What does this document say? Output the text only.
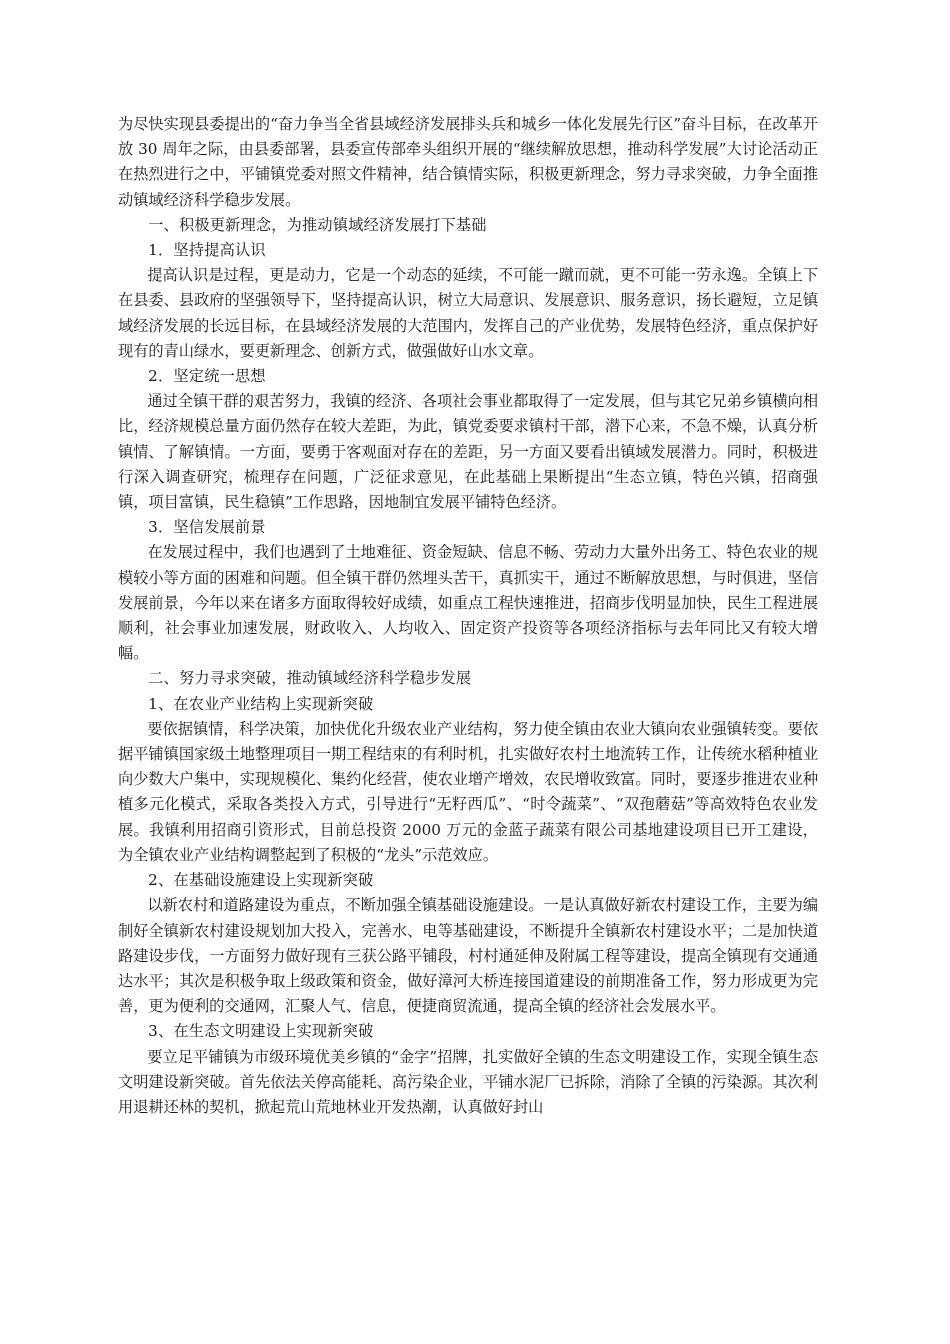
为尽快实现县委提出的“奋力争当全省县域经济发展排头兵和城乡一体化发展先行区”奋斗目标，在改革开放 30 周年之际，由县委部署，县委宣传部牵头组织开展的“继续解放思想，推动科学发展”大讨论活动正在热烈进行之中，平铺镇党委对照文件精神，结合镇情实际，积极更新理念，努力寻求突破，力争全面推动镇域经济科学稳步发展。

一、积极更新理念，为推动镇域经济发展打下基础

1．坚持提高认识

提高认识是过程，更是动力，它是一个动态的延续，不可能一蹴而就，更不可能一劳永逸。全镇上下在县委、县政府的坚强领导下，坚持提高认识，树立大局意识、发展意识、服务意识，扬长避短，立足镇域经济发展的长远目标，在县域经济发展的大范围内，发挥自己的产业优势，发展特色经济，重点保护好现有的青山绿水，要更新理念、创新方式，做强做好山水文章。

2．坚定统一思想

通过全镇干群的艰苦努力，我镇的经济、各项社会事业都取得了一定发展，但与其它兄弟乡镇横向相比，经济规模总量方面仍然存在较大差距，为此，镇党委要求镇村干部，潜下心来，不急不燥，认真分析镇情、了解镇情。一方面，要勇于客观面对存在的差距，另一方面又要看出镇域发展潜力。同时，积极进行深入调查研究，梳理存在问题，广泛征求意见，在此基础上果断提出“生态立镇，特色兴镇，招商强镇，项目富镇，民生稳镇”工作思路，因地制宜发展平铺特色经济。

3．坚信发展前景

在发展过程中，我们也遇到了土地难征、资金短缺、信息不畅、劳动力大量外出务工、特色农业的规模较小等方面的困难和问题。但全镇干群仍然埋头苦干，真抓实干，通过不断解放思想，与时俱进，坚信发展前景，今年以来在诸多方面取得较好成绩，如重点工程快速推进，招商步伐明显加快，民生工程进展顺利，社会事业加速发展，财政收入、人均收入、固定资产投资等各项经济指标与去年同比又有较大增幅。

二、努力寻求突破，推动镇域经济科学稳步发展

1、在农业产业结构上实现新突破

要依据镇情，科学决策，加快优化升级农业产业结构，努力使全镇由农业大镇向农业强镇转变。要依据平铺镇国家级土地整理项目一期工程结束的有利时机，扎实做好农村土地流转工作，让传统水稻种植业向少数大户集中，实现规模化、集约化经营，使农业增产增效，农民增收致富。同时，要逐步推进农业种植多元化模式，采取各类投入方式，引导进行“无籽西瓜”、“时令蔬菜”、“双孢蘑菇”等高效特色农业发展。我镇利用招商引资形式，目前总投资 2000 万元的金蓝子蔬菜有限公司基地建设项目已开工建设，为全镇农业产业结构调整起到了积极的“龙头”示范效应。

2、在基础设施建设上实现新突破

以新农村和道路建设为重点，不断加强全镇基础设施建设。一是认真做好新农村建设工作，主要为编制好全镇新农村建设规划加大投入，完善水、电等基础建设，不断提升全镇新农村建设水平；二是加快道路建设步伐，一方面努力做好现有三获公路平铺段，村村通延伸及附属工程等建设，提高全镇现有交通通达水平；其次是积极争取上级政策和资金，做好漳河大桥连接国道建设的前期准备工作，努力形成更为完善，更为便利的交通网，汇聚人气、信息，便捷商贸流通，提高全镇的经济社会发展水平。

3、在生态文明建设上实现新突破

要立足平铺镇为市级环境优美乡镇的“金字”招牌，扎实做好全镇的生态文明建设工作，实现全镇生态文明建设新突破。首先依法关停高能耗、高污染企业，平铺水泥厂已拆除，消除了全镇的污染源。其次利用退耕还林的契机，掀起荒山荒地林业开发热潮，认真做好封山
